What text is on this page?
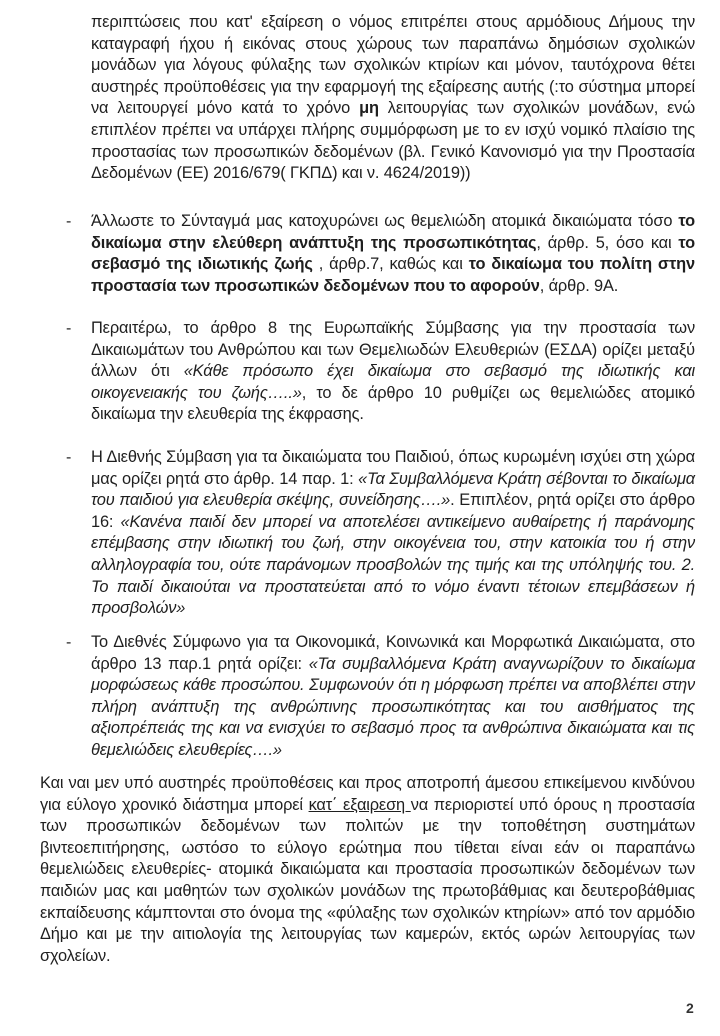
περιπτώσεις που κατ' εξαίρεση ο νόμος επιτρέπει στους αρμόδιους Δήμους την καταγραφή ήχου ή εικόνας στους χώρους των παραπάνω δημόσιων σχολικών μονάδων για λόγους φύλαξης των σχολικών κτιρίων και μόνον, ταυτόχρονα θέτει αυστηρές προϋποθέσεις για την εφαρμογή της εξαίρεσης αυτής (:το σύστημα μπορεί να λειτουργεί μόνο κατά το χρόνο μη λειτουργίας των σχολικών μονάδων, ενώ επιπλέον πρέπει να υπάρχει πλήρης συμμόρφωση με το εν ισχύ νομικό πλαίσιο της προστασίας των προσωπικών δεδομένων (βλ. Γενικό Κανονισμό για την Προστασία Δεδομένων (ΕΕ) 2016/679( ΓΚΠΔ) και ν. 4624/2019))
- Άλλωστε το Σύνταγμά μας κατοχυρώνει ως θεμελιώδη ατομικά δικαιώματα τόσο το δικαίωμα στην ελεύθερη ανάπτυξη της προσωπικότητας, άρθρ. 5, όσο και το σεβασμό της ιδιωτικής ζωής , άρθρ.7, καθώς και το δικαίωμα του πολίτη στην προστασία των προσωπικών δεδομένων που το αφορούν, άρθρ. 9Α.
- Περαιτέρω, το άρθρο 8 της Ευρωπαϊκής Σύμβασης για την προστασία των Δικαιωμάτων του Ανθρώπου και των Θεμελιωδών Ελευθεριών (ΕΣΔΑ) ορίζει μεταξύ άλλων ότι «Κάθε πρόσωπο έχει δικαίωμα στο σεβασμό της ιδιωτικής και οικογενειακής του ζωής…..», το δε άρθρο 10 ρυθμίζει ως θεμελιώδες ατομικό δικαίωμα την ελευθερία της έκφρασης.
- Η Διεθνής Σύμβαση για τα δικαιώματα του Παιδιού, όπως κυρωμένη ισχύει στη χώρα μας ορίζει ρητά στο άρθρ. 14 παρ. 1: «Τα Συμβαλλόμενα Κράτη σέβονται το δικαίωμα του παιδιού για ελευθερία σκέψης, συνείδησης….». Επιπλέον, ρητά ορίζει στο άρθρο 16: «Κανένα παιδί δεν μπορεί να αποτελέσει αντικείμενο αυθαίρετης ή παράνομης επέμβασης στην ιδιωτική του ζωή, στην οικογένεια του, στην κατοικία του ή στην αλληλογραφία του, ούτε παράνομων προσβολών της τιμής και της υπόληψής του. 2. Το παιδί δικαιούται να προστατεύεται από το νόμο έναντι τέτοιων επεμβάσεων ή προσβολών»
- Το Διεθνές Σύμφωνο για τα Οικονομικά, Κοινωνικά και Μορφωτικά Δικαιώματα, στο άρθρο 13 παρ.1 ρητά ορίζει: «Τα συμβαλλόμενα Κράτη αναγνωρίζουν το δικαίωμα μορφώσεως κάθε προσώπου. Συμφωνούν ότι η μόρφωση πρέπει να αποβλέπει στην πλήρη ανάπτυξη της ανθρώπινης προσωπικότητας και του αισθήματος της αξιοπρέπειάς της και να ενισχύει το σεβασμό προς τα ανθρώπινα δικαιώματα και τις θεμελιώδεις ελευθερίες….»
Και ναι μεν υπό αυστηρές προϋποθέσεις και προς αποτροπή άμεσου επικείμενου κινδύνου για εύλογο χρονικό διάστημα μπορεί κατ΄ εξαιρεση να περιοριστεί υπό όρους η προστασία των προσωπικών δεδομένων των πολιτών με την τοποθέτηση συστημάτων βιντεοεπιτήρησης, ωστόσο το εύλογο ερώτημα που τίθεται είναι εάν οι παραπάνω θεμελιώδεις ελευθερίες- ατομικά δικαιώματα και προστασία προσωπικών δεδομένων των παιδιών μας και μαθητών των σχολικών μονάδων της πρωτοβάθμιας και δευτεροβάθμιας εκπαίδευσης κάμπτονται στο όνομα της «φύλαξης των σχολικών κτηρίων» από τον αρμόδιο Δήμο και με την αιτιολογία της λειτουργίας των καμερών, εκτός ωρών λειτουργίας των σχολείων.
2
